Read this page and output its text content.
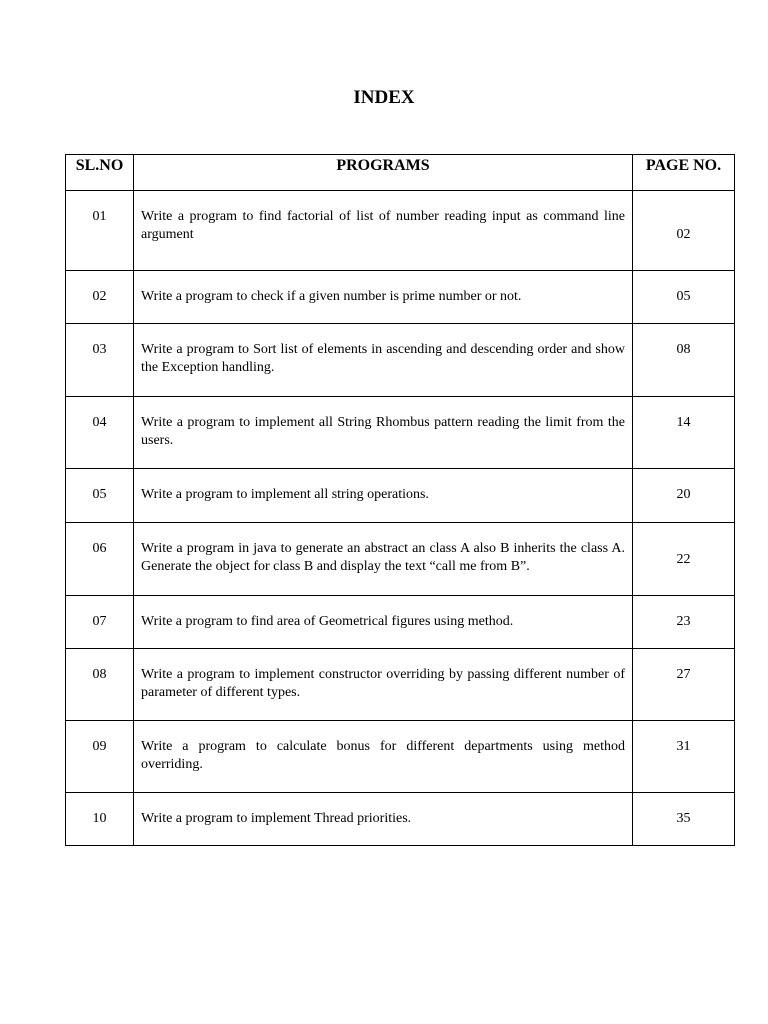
INDEX
SL.NO	PROGRAMS	PAGE NO.
01	Write a program to find factorial of list of number reading input as command line argument	02
02	Write a program to check if a given number is prime number or not.	05
03	Write a program to Sort list of elements in ascending and descending order and show the Exception handling.	08
04	Write a program to implement all String Rhombus pattern reading the limit from the users.	14
05	Write a program to implement all string operations.	20
06	Write a program in java to generate an abstract an class A also B inherits the class A. Generate the object for class B and display the text “call me from B”.	22
07	Write a program to find area of Geometrical figures using method.	23
08	Write a program to implement constructor overriding by passing different number of parameter of different types.	27
09	Write a program to calculate bonus for different departments using method overriding.	31
10	Write a program to implement Thread priorities.	35
